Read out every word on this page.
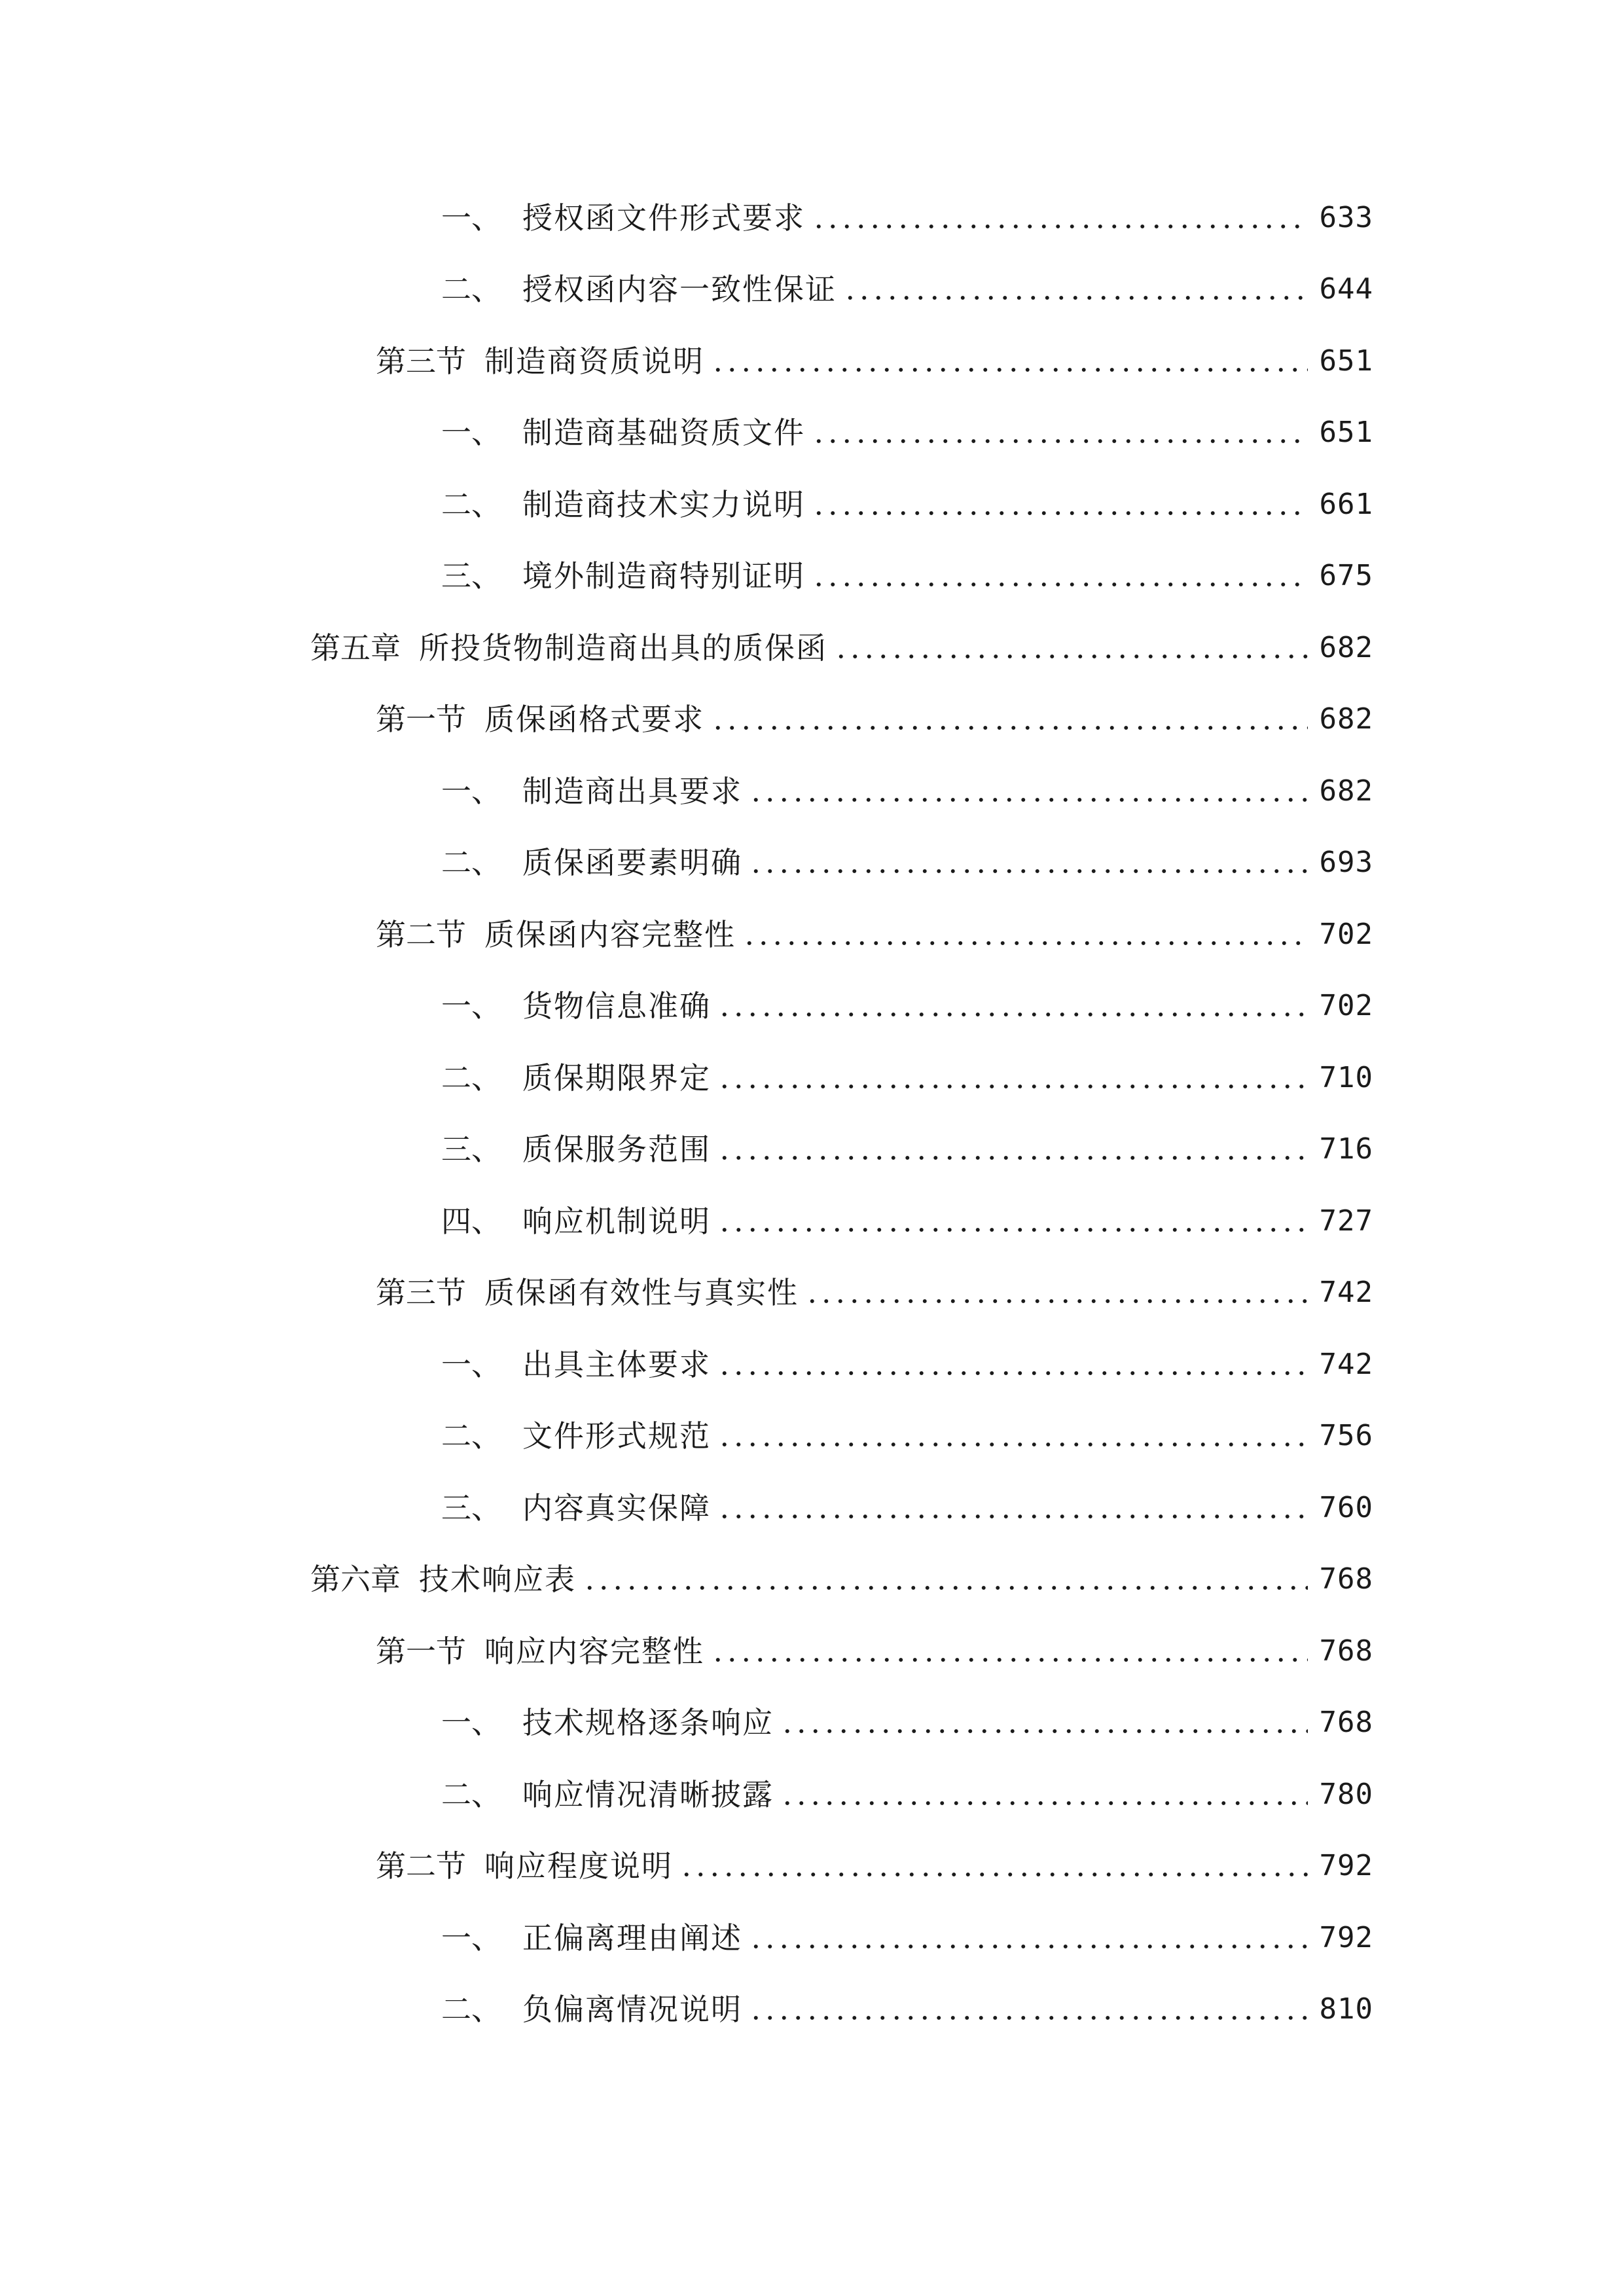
一、 授权函文件形式要求	633
二、 授权函内容一致性保证	644
第三节 制造商资质说明	651
一、 制造商基础资质文件	651
二、 制造商技术实力说明	661
三、 境外制造商特别证明	675
第五章 所投货物制造商出具的质保函	682
第一节 质保函格式要求	682
一、 制造商出具要求	682
二、 质保函要素明确	693
第二节 质保函内容完整性	702
一、 货物信息准确	702
二、 质保期限界定	710
三、 质保服务范围	716
四、 响应机制说明	727
第三节 质保函有效性与真实性	742
一、 出具主体要求	742
二、 文件形式规范	756
三、 内容真实保障	760
第六章 技术响应表	768
第一节 响应内容完整性	768
一、 技术规格逐条响应	768
二、 响应情况清晰披露	780
第二节 响应程度说明	792
一、 正偏离理由阐述	792
二、 负偏离情况说明	810
